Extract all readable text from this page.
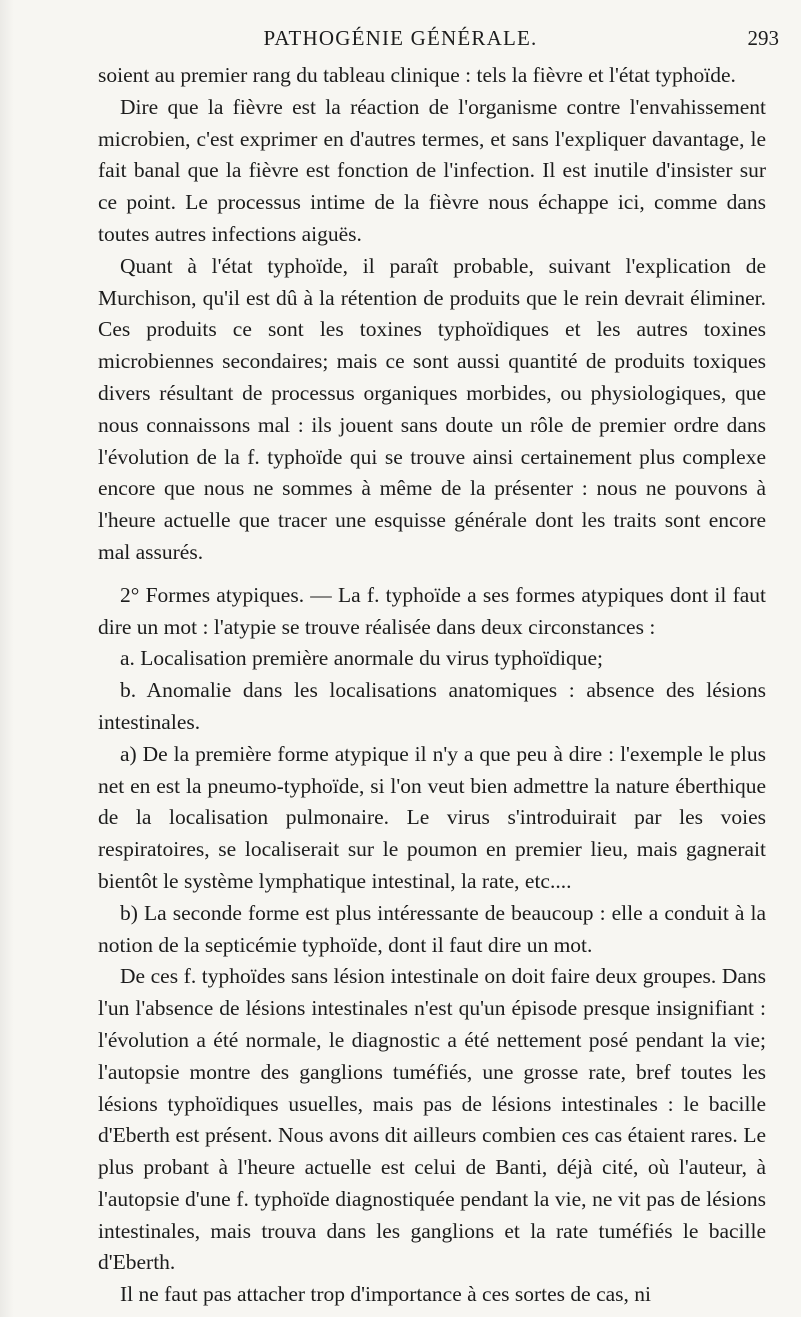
PATHOGÉNIE GÉNÉRALE.	293

soient au premier rang du tableau clinique : tels la fièvre et l'état typhoïde.

Dire que la fièvre est la réaction de l'organisme contre l'envahissement microbien, c'est exprimer en d'autres termes, et sans l'expliquer davantage, le fait banal que la fièvre est fonction de l'infection. Il est inutile d'insister sur ce point. Le processus intime de la fièvre nous échappe ici, comme dans toutes autres infections aiguës.

Quant à l'état typhoïde, il paraît probable, suivant l'explication de Murchison, qu'il est dû à la rétention de produits que le rein devrait éliminer. Ces produits ce sont les toxines typhoïdiques et les autres toxines microbiennes secondaires; mais ce sont aussi quantité de produits toxiques divers résultant de processus organiques morbides, ou physiologiques, que nous connaissons mal : ils jouent sans doute un rôle de premier ordre dans l'évolution de la f. typhoïde qui se trouve ainsi certainement plus complexe encore que nous ne sommes à même de la présenter : nous ne pouvons à l'heure actuelle que tracer une esquisse générale dont les traits sont encore mal assurés.

2° Formes atypiques. — La f. typhoïde a ses formes atypiques dont il faut dire un mot : l'atypie se trouve réalisée dans deux circonstances :

a. Localisation première anormale du virus typhoïdique;

b. Anomalie dans les localisations anatomiques : absence des lésions intestinales.

a) De la première forme atypique il n'y a que peu à dire : l'exemple le plus net en est la pneumo-typhoïde, si l'on veut bien admettre la nature éberthique de la localisation pulmonaire. Le virus s'introduirait par les voies respiratoires, se localiserait sur le poumon en premier lieu, mais gagnerait bientôt le système lymphatique intestinal, la rate, etc....

b) La seconde forme est plus intéressante de beaucoup : elle a conduit à la notion de la septicémie typhoïde, dont il faut dire un mot.

De ces f. typhoïdes sans lésion intestinale on doit faire deux groupes. Dans l'un l'absence de lésions intestinales n'est qu'un épisode presque insignifiant : l'évolution a été normale, le diagnostic a été nettement posé pendant la vie; l'autopsie montre des ganglions tuméfiés, une grosse rate, bref toutes les lésions typhoïdiques usuelles, mais pas de lésions intestinales : le bacille d'Eberth est présent. Nous avons dit ailleurs combien ces cas étaient rares. Le plus probant à l'heure actuelle est celui de Banti, déjà cité, où l'auteur, à l'autopsie d'une f. typhoïde diagnostiquée pendant la vie, ne vit pas de lésions intestinales, mais trouva dans les ganglions et la rate tuméfiés le bacille d'Eberth.

Il ne faut pas attacher trop d'importance à ces sortes de cas, ni
